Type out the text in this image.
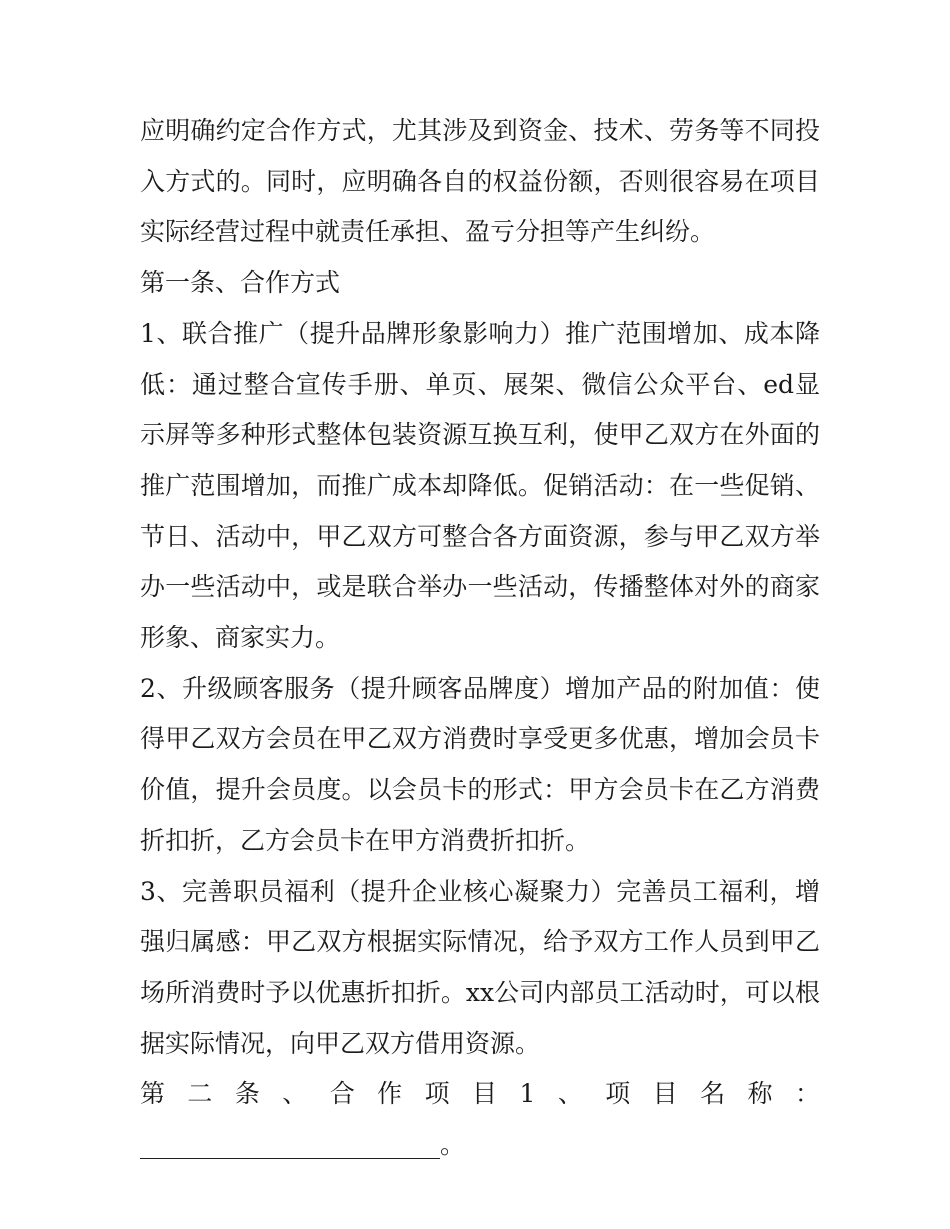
应明确约定合作方式，尤其涉及到资金、技术、劳务等不同投入方式的。同时，应明确各自的权益份额，否则很容易在项目实际经营过程中就责任承担、盈亏分担等产生纠纷。

第一条、合作方式

1、联合推广（提升品牌形象影响力）推广范围增加、成本降低：通过整合宣传手册、单页、展架、微信公众平台、ed显示屏等多种形式整体包装资源互换互利，使甲乙双方在外面的推广范围增加，而推广成本却降低。促销活动：在一些促销、节日、活动中，甲乙双方可整合各方面资源，参与甲乙双方举办一些活动中，或是联合举办一些活动，传播整体对外的商家形象、商家实力。

2、升级顾客服务（提升顾客品牌度）增加产品的附加值：使得甲乙双方会员在甲乙双方消费时享受更多优惠，增加会员卡价值，提升会员度。以会员卡的形式：甲方会员卡在乙方消费折扣折，乙方会员卡在甲方消费折扣折。

3、完善职员福利（提升企业核心凝聚力）完善员工福利，增强归属感：甲乙双方根据实际情况，给予双方工作人员到甲乙场所消费时予以优惠折扣折。xx公司内部员工活动时，可以根据实际情况，向甲乙双方借用资源。

第二条、合作项目1、项目名称：________________________。
